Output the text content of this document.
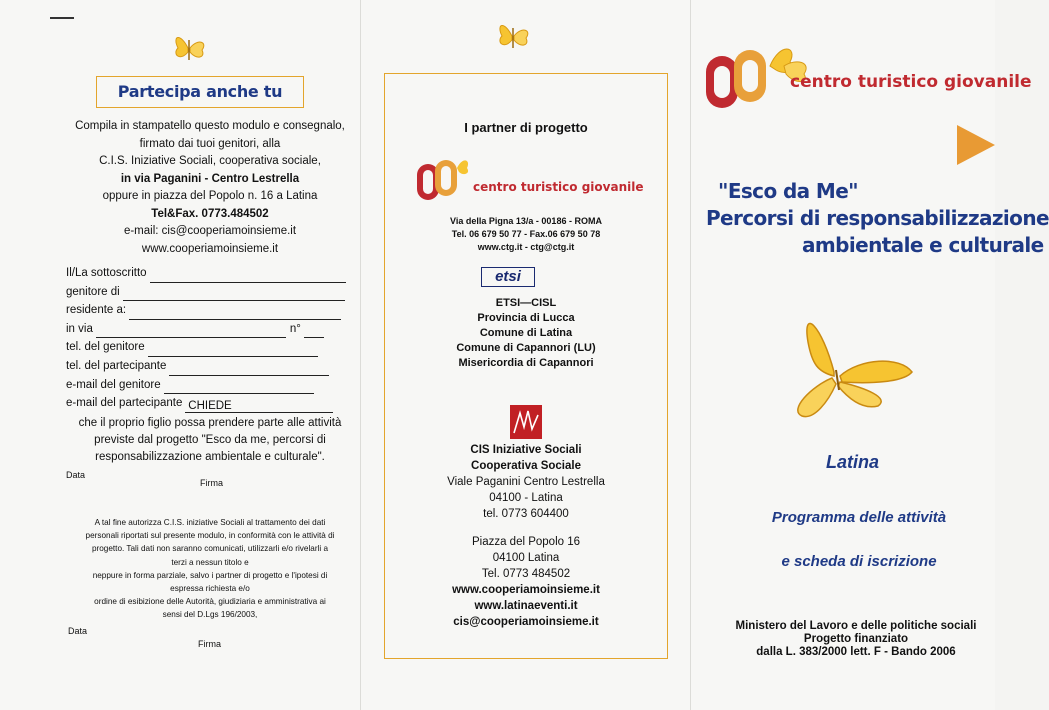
Partecipa anche tu
Compila in stampatello questo modulo e consegnalo,
firmato dai tuoi genitori, alla
C.I.S. Iniziative Sociali, cooperativa sociale,
in via Paganini - Centro Lestrella
oppure in piazza del Popolo n. 16 a Latina
Tel&Fax. 0773.484502
e-mail: cis@cooperiamoinsieme.it
www.cooperiamoinsieme.it
Il/La sottoscritto
genitore di
residente a:
in via	n°
tel. del genitore
tel. del partecipante
e-mail del genitore
e-mail del partecipante CHIEDE
che il proprio figlio possa prendere parte alle attività
previste dal progetto "Esco da me, percorsi di
responsabilizzazione ambientale e culturale".
Data
Firma
A tal fine autorizza C.I.S. iniziative Sociali al trattamento dei dati
personali riportati sul presente modulo, in conformità con le attività di
progetto. Tali dati non saranno comunicati, utilizzarli e/o rivelarli a
terzi a nessun titolo e
neppure in forma parziale, salvo i partner di progetto e l'ipotesi di
espressa richiesta e/o
ordine di esibizione delle Autorità, giudiziaria e amministrativa ai
sensi del D.Lgs 196/2003,
Data
Firma
I partner di progetto
centro turistico giovanile
Via della Pigna 13/a - 00186 - ROMA
Tel. 06 679 50 77 - Fax.06 679 50 78
www.ctg.it - ctg@ctg.it
etsi
ETSI—CISL
Provincia di Lucca
Comune di Latina
Comune di Capannori (LU)
Misericordia di Capannori
CIS Iniziative Sociali
Cooperativa Sociale
Viale Paganini Centro Lestrella
04100 - Latina
tel. 0773 604400
Piazza del Popolo 16
04100 Latina
Tel. 0773 484502
www.cooperiamoinsieme.it
www.latinaeventi.it
cis@cooperiamoinsieme.it
centro turistico giovanile
"Esco da Me"
Percorsi di responsabilizzazione
ambientale e culturale
Latina
Programma delle attività
e scheda di iscrizione
Ministero del Lavoro e delle politiche sociali
Progetto finanziato
dalla L. 383/2000 lett. F - Bando 2006
